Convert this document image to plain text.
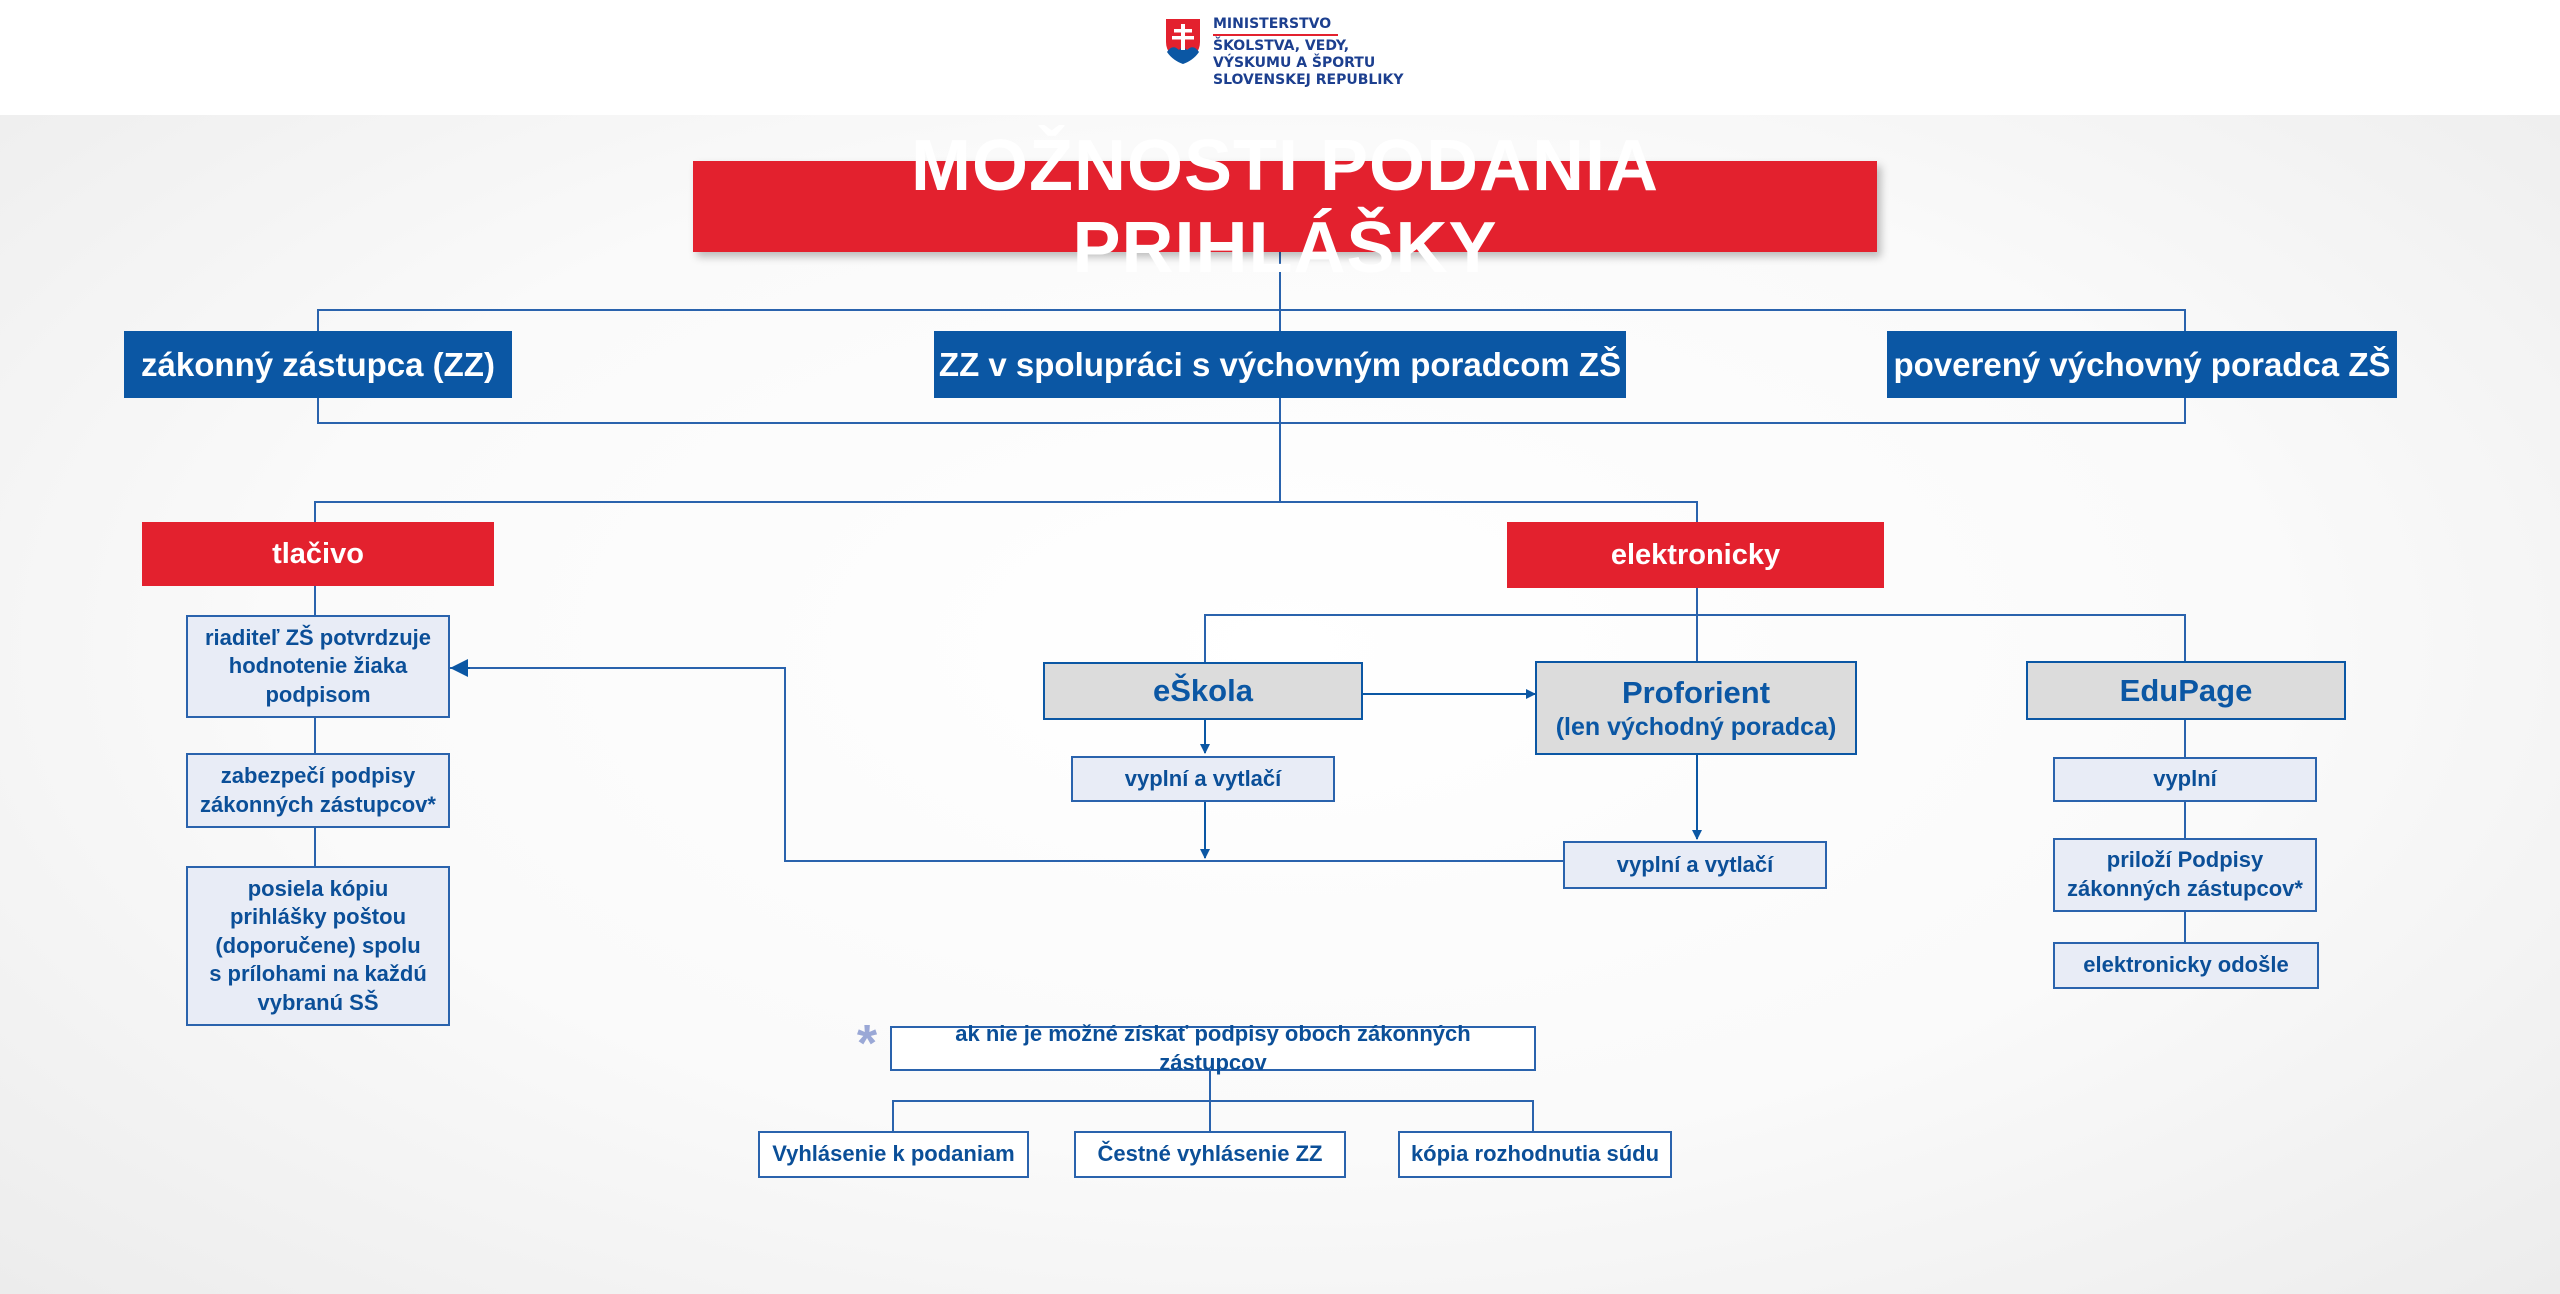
MINISTERSTVO
ŠKOLSTVA, VEDY,
VÝSKUMU A ŠPORTU
SLOVENSKEJ REPUBLIKY
MOŽNOSTI PODANIA PRIHLÁŠKY
zákonný zástupca (ZZ)	ZZ v spolupráci s výchovným poradcom ZŠ	poverený výchovný poradca ZŠ
tlačivo	elektronicky
riaditeľ ZŠ potvrdzuje
hodnotenie žiaka
podpisom
zabezpečí podpisy
zákonných zástupcov*
posiela kópiu
prihlášky poštou
(doporučene) spolu
s prílohami na každú
vybranú SŠ
eŠkola	Proforient
(len východný poradca)
EduPage
vyplní a vytlačí
vyplní a vytlačí
vyplní
priloží Podpisy
zákonných zástupcov*
elektronicky odošle
*	ak nie je možné získať podpisy oboch zákonných zástupcov
Vyhlásenie k podaniam	Čestné vyhlásenie ZZ	kópia rozhodnutia súdu
